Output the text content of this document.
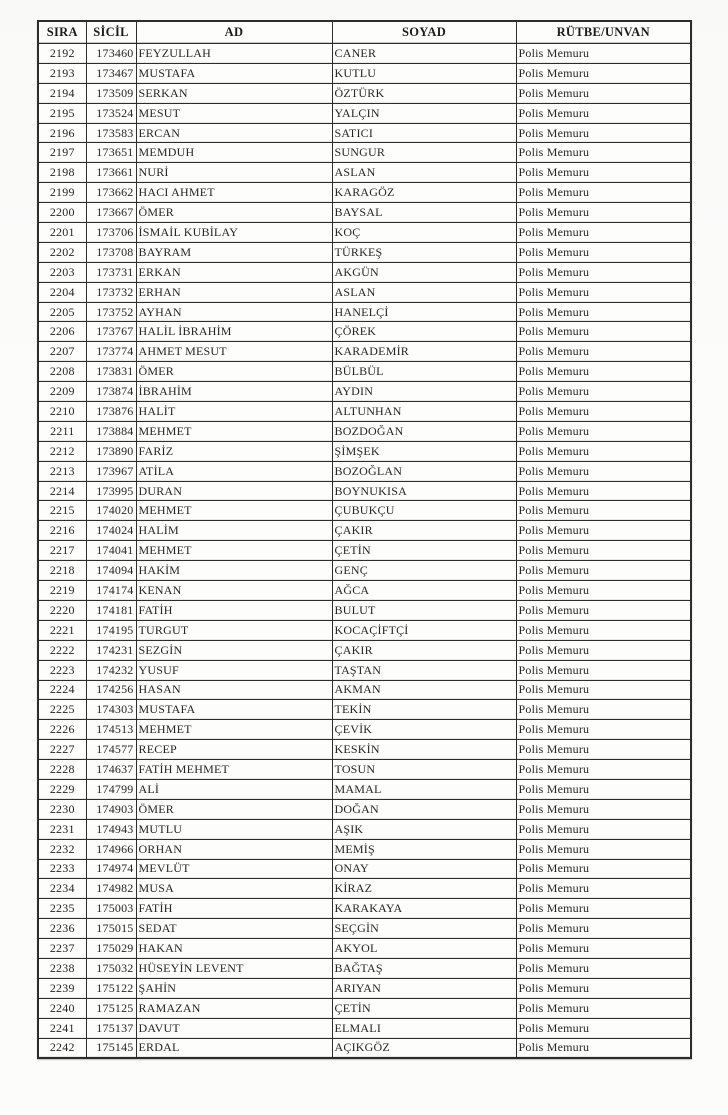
SIRA	SİCİL	AD	SOYAD	RÜTBE/UNVAN
2192	173460	FEYZULLAH	CANER	Polis Memuru
2193	173467	MUSTAFA	KUTLU	Polis Memuru
2194	173509	SERKAN	ÖZTÜRK	Polis Memuru
2195	173524	MESUT	YALÇIN	Polis Memuru
2196	173583	ERCAN	SATICI	Polis Memuru
2197	173651	MEMDUH	SUNGUR	Polis Memuru
2198	173661	NURİ	ASLAN	Polis Memuru
2199	173662	HACI AHMET	KARAGÖZ	Polis Memuru
2200	173667	ÖMER	BAYSAL	Polis Memuru
2201	173706	İSMAİL KUBİLAY	KOÇ	Polis Memuru
2202	173708	BAYRAM	TÜRKEŞ	Polis Memuru
2203	173731	ERKAN	AKGÜN	Polis Memuru
2204	173732	ERHAN	ASLAN	Polis Memuru
2205	173752	AYHAN	HANELÇİ	Polis Memuru
2206	173767	HALİL İBRAHİM	ÇÖREK	Polis Memuru
2207	173774	AHMET MESUT	KARADEMİR	Polis Memuru
2208	173831	ÖMER	BÜLBÜL	Polis Memuru
2209	173874	İBRAHİM	AYDIN	Polis Memuru
2210	173876	HALİT	ALTUNHAN	Polis Memuru
2211	173884	MEHMET	BOZDOĞAN	Polis Memuru
2212	173890	FARİZ	ŞİMŞEK	Polis Memuru
2213	173967	ATİLA	BOZOĞLAN	Polis Memuru
2214	173995	DURAN	BOYNUKISA	Polis Memuru
2215	174020	MEHMET	ÇUBUKÇU	Polis Memuru
2216	174024	HALİM	ÇAKIR	Polis Memuru
2217	174041	MEHMET	ÇETİN	Polis Memuru
2218	174094	HAKİM	GENÇ	Polis Memuru
2219	174174	KENAN	AĞCA	Polis Memuru
2220	174181	FATİH	BULUT	Polis Memuru
2221	174195	TURGUT	KOCAÇİFTÇİ	Polis Memuru
2222	174231	SEZGİN	ÇAKIR	Polis Memuru
2223	174232	YUSUF	TAŞTAN	Polis Memuru
2224	174256	HASAN	AKMAN	Polis Memuru
2225	174303	MUSTAFA	TEKİN	Polis Memuru
2226	174513	MEHMET	ÇEVİK	Polis Memuru
2227	174577	RECEP	KESKİN	Polis Memuru
2228	174637	FATİH MEHMET	TOSUN	Polis Memuru
2229	174799	ALİ	MAMAL	Polis Memuru
2230	174903	ÖMER	DOĞAN	Polis Memuru
2231	174943	MUTLU	AŞIK	Polis Memuru
2232	174966	ORHAN	MEMİŞ	Polis Memuru
2233	174974	MEVLÜT	ONAY	Polis Memuru
2234	174982	MUSA	KİRAZ	Polis Memuru
2235	175003	FATİH	KARAKAYA	Polis Memuru
2236	175015	SEDAT	SEÇGİN	Polis Memuru
2237	175029	HAKAN	AKYOL	Polis Memuru
2238	175032	HÜSEYİN LEVENT	BAĞTAŞ	Polis Memuru
2239	175122	ŞAHİN	ARIYAN	Polis Memuru
2240	175125	RAMAZAN	ÇETİN	Polis Memuru
2241	175137	DAVUT	ELMALI	Polis Memuru
2242	175145	ERDAL	AÇIKGÖZ	Polis Memuru
